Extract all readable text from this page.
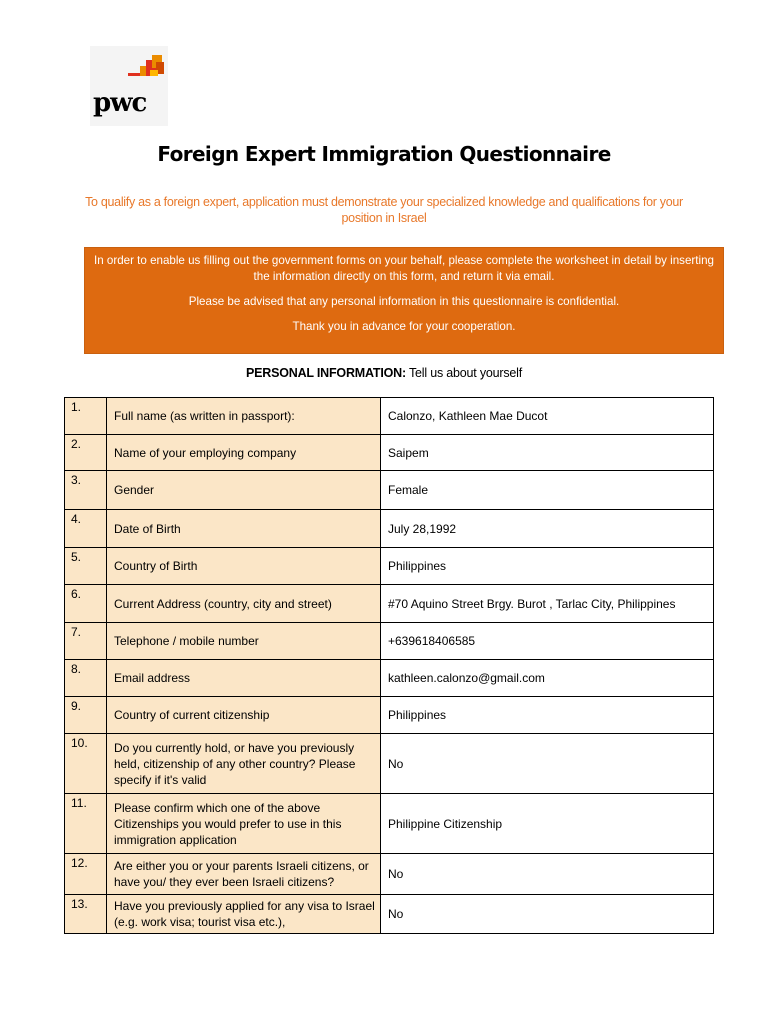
pwc
Foreign Expert Immigration Questionnaire
To qualify as a foreign expert, application must demonstrate your specialized knowledge and qualifications for your position in Israel

In order to enable us filling out the government forms on your behalf, please complete the worksheet in detail by inserting the information directly on this form, and return it via email.

Please be advised that any personal information in this questionnaire is confidential.

Thank you in advance for your cooperation.

PERSONAL INFORMATION: Tell us about yourself
1.	Full name (as written in passport):	Calonzo, Kathleen Mae Ducot

2.	Name of your employing company	Saipem

3.	Gender	Female

4.	Date of Birth	July 28,1992

5.	Country of Birth	Philippines

6.	Current Address (country, city and street)	#70 Aquino Street Brgy. Burot , Tarlac City, Philippines

7.	Telephone / mobile number	+639618406585

8.	Email address	kathleen.calonzo@gmail.com

9.	Country of current citizenship	Philippines

10.	Do you currently hold, or have you previously held, citizenship of any other country? Please specify if it's valid	No

11.	Please confirm which one of the above Citizenships you would prefer to use in this immigration application	Philippine Citizenship

12.	Are either you or your parents Israeli citizens, or have you/ they ever been Israeli citizens?	No

13.	Have you previously applied for any visa to Israel (e.g. work visa; tourist visa etc.),	No
